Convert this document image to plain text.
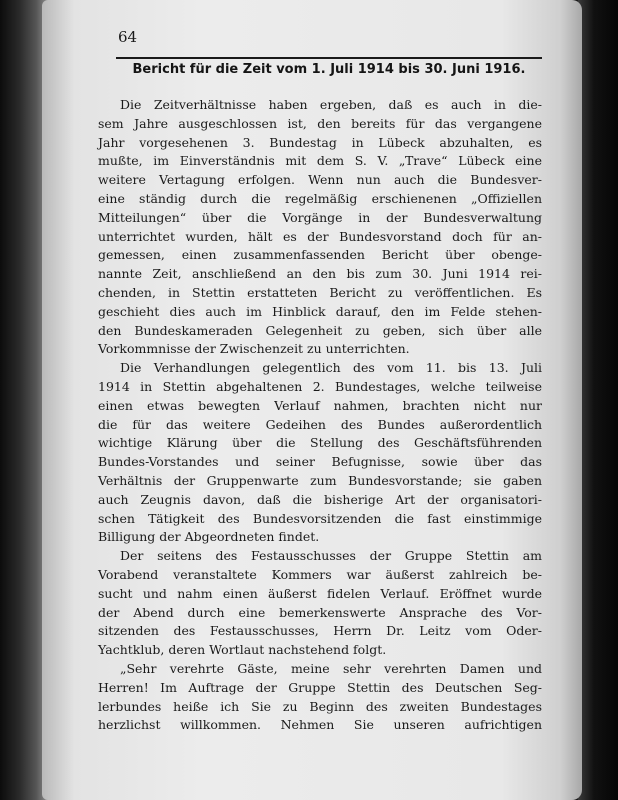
64
Bericht für die Zeit vom 1. Juli 1914 bis 30. Juni 1916.
Die Zeitverhältnisse haben ergeben, daß es auch in die-
sem Jahre ausgeschlossen ist, den bereits für das vergangene
Jahr vorgesehenen 3. Bundestag in Lübeck abzuhalten, es
mußte, im Einverständnis mit dem S. V. „Trave“ Lübeck eine
weitere Vertagung erfolgen. Wenn nun auch die Bundesver-
eine ständig durch die regelmäßig erschienenen „Offiziellen
Mitteilungen“ über die Vorgänge in der Bundesverwaltung
unterrichtet wurden, hält es der Bundesvorstand doch für an-
gemessen, einen zusammenfassenden Bericht über obenge-
nannte Zeit, anschließend an den bis zum 30. Juni 1914 rei-
chenden, in Stettin erstatteten Bericht zu veröffentlichen. Es
geschieht dies auch im Hinblick darauf, den im Felde stehen-
den Bundeskameraden Gelegenheit zu geben, sich über alle
Vorkommnisse der Zwischenzeit zu unterrichten.
Die Verhandlungen gelegentlich des vom 11. bis 13. Juli
1914 in Stettin abgehaltenen 2. Bundestages, welche teilweise
einen etwas bewegten Verlauf nahmen, brachten nicht nur
die für das weitere Gedeihen des Bundes außerordentlich
wichtige Klärung über die Stellung des Geschäftsführenden
Bundes-Vorstandes und seiner Befugnisse, sowie über das
Verhältnis der Gruppenwarte zum Bundesvorstande; sie gaben
auch Zeugnis davon, daß die bisherige Art der organisatori-
schen Tätigkeit des Bundesvorsitzenden die fast einstimmige
Billigung der Abgeordneten findet.
Der seitens des Festausschusses der Gruppe Stettin am
Vorabend veranstaltete Kommers war äußerst zahlreich be-
sucht und nahm einen äußerst fidelen Verlauf. Eröffnet wurde
der Abend durch eine bemerkenswerte Ansprache des Vor-
sitzenden des Festausschusses, Herrn Dr. Leitz vom Oder-
Yachtklub, deren Wortlaut nachstehend folgt.
„Sehr verehrte Gäste, meine sehr verehrten Damen und
Herren! Im Auftrage der Gruppe Stettin des Deutschen Seg-
lerbundes heiße ich Sie zu Beginn des zweiten Bundestages
herzlichst willkommen. Nehmen Sie unseren aufrichtigen
